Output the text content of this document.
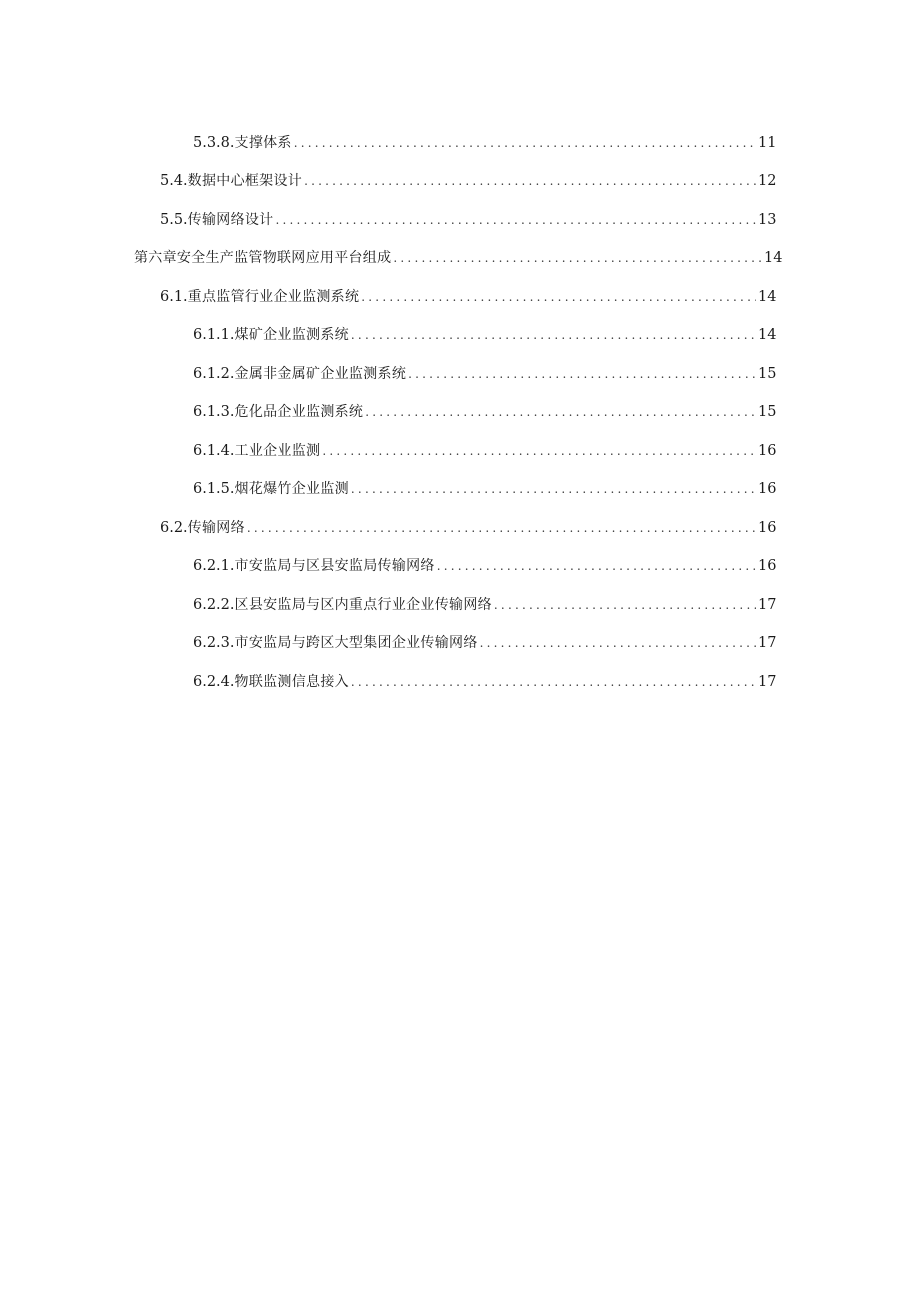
5.3.8. 支撑体系 .....	11
5.4. 数据中心框架设计 .....	12
5.5. 传输网络设计 .....	13
第六章安全生产监管物联网应用平台组成 .....	14
6.1. 重点监管行业企业监测系统 .....	14
6.1.1. 煤矿企业监测系统 .....	14
6.1.2. 金属非金属矿企业监测系统 .....	15
6.1.3. 危化品企业监测系统 .....	15
6.1.4. 工业企业监测 .....	16
6.1.5. 烟花爆竹企业监测 .....	16
6.2. 传输网络 .....	16
6.2.1. 市安监局与区县安监局传输网络 .....	16
6.2.2. 区县安监局与区内重点行业企业传输网络 .....	17
6.2.3. 市安监局与跨区大型集团企业传输网络 .....	17
6.2.4. 物联监测信息接入 .....	17
